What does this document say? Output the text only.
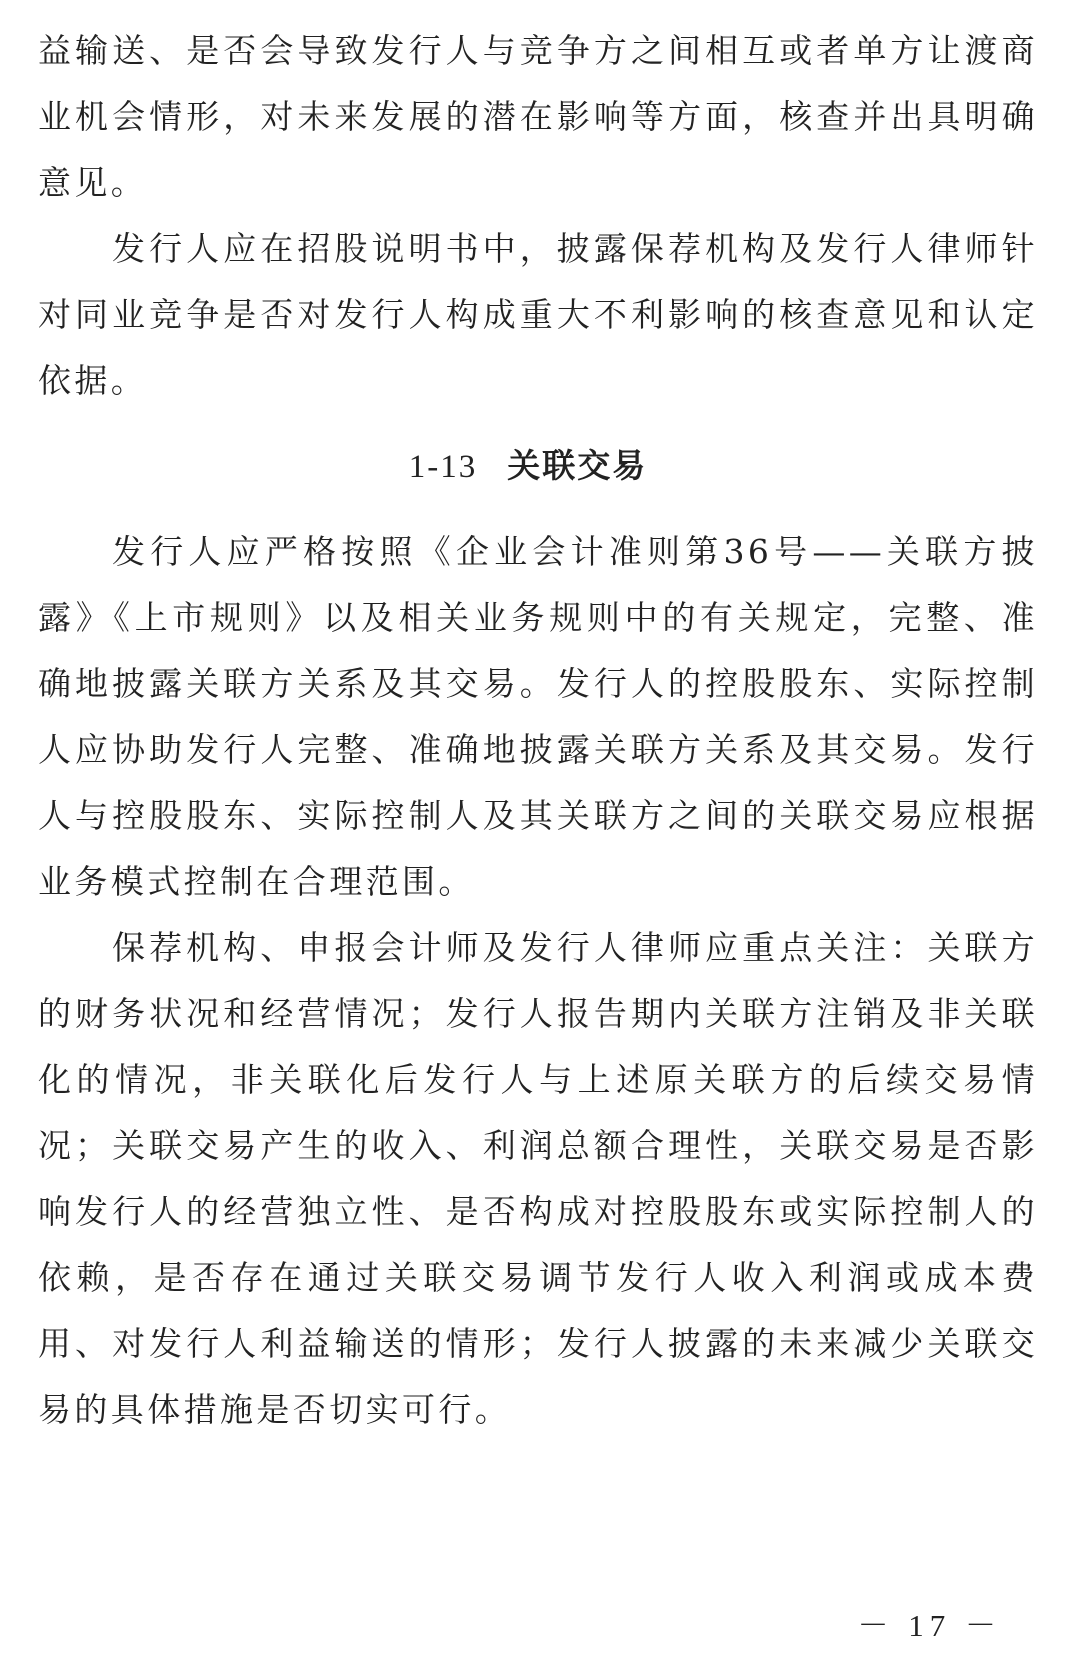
益输送、是否会导致发行人与竞争方之间相互或者单方让渡商业机会情形，对未来发展的潜在影响等方面，核查并出具明确意见。

发行人应在招股说明书中，披露保荐机构及发行人律师针对同业竞争是否对发行人构成重大不利影响的核查意见和认定依据。

1-13 关联交易

发行人应严格按照《企业会计准则第36号——关联方披露》《上市规则》以及相关业务规则中的有关规定，完整、准确地披露关联方关系及其交易。发行人的控股股东、实际控制人应协助发行人完整、准确地披露关联方关系及其交易。发行人与控股股东、实际控制人及其关联方之间的关联交易应根据业务模式控制在合理范围。

保荐机构、申报会计师及发行人律师应重点关注：关联方的财务状况和经营情况；发行人报告期内关联方注销及非关联化的情况，非关联化后发行人与上述原关联方的后续交易情况；关联交易产生的收入、利润总额合理性，关联交易是否影响发行人的经营独立性、是否构成对控股股东或实际控制人的依赖，是否存在通过关联交易调节发行人收入利润或成本费用、对发行人利益输送的情形；发行人披露的未来减少关联交易的具体措施是否切实可行。

－ 17 －
